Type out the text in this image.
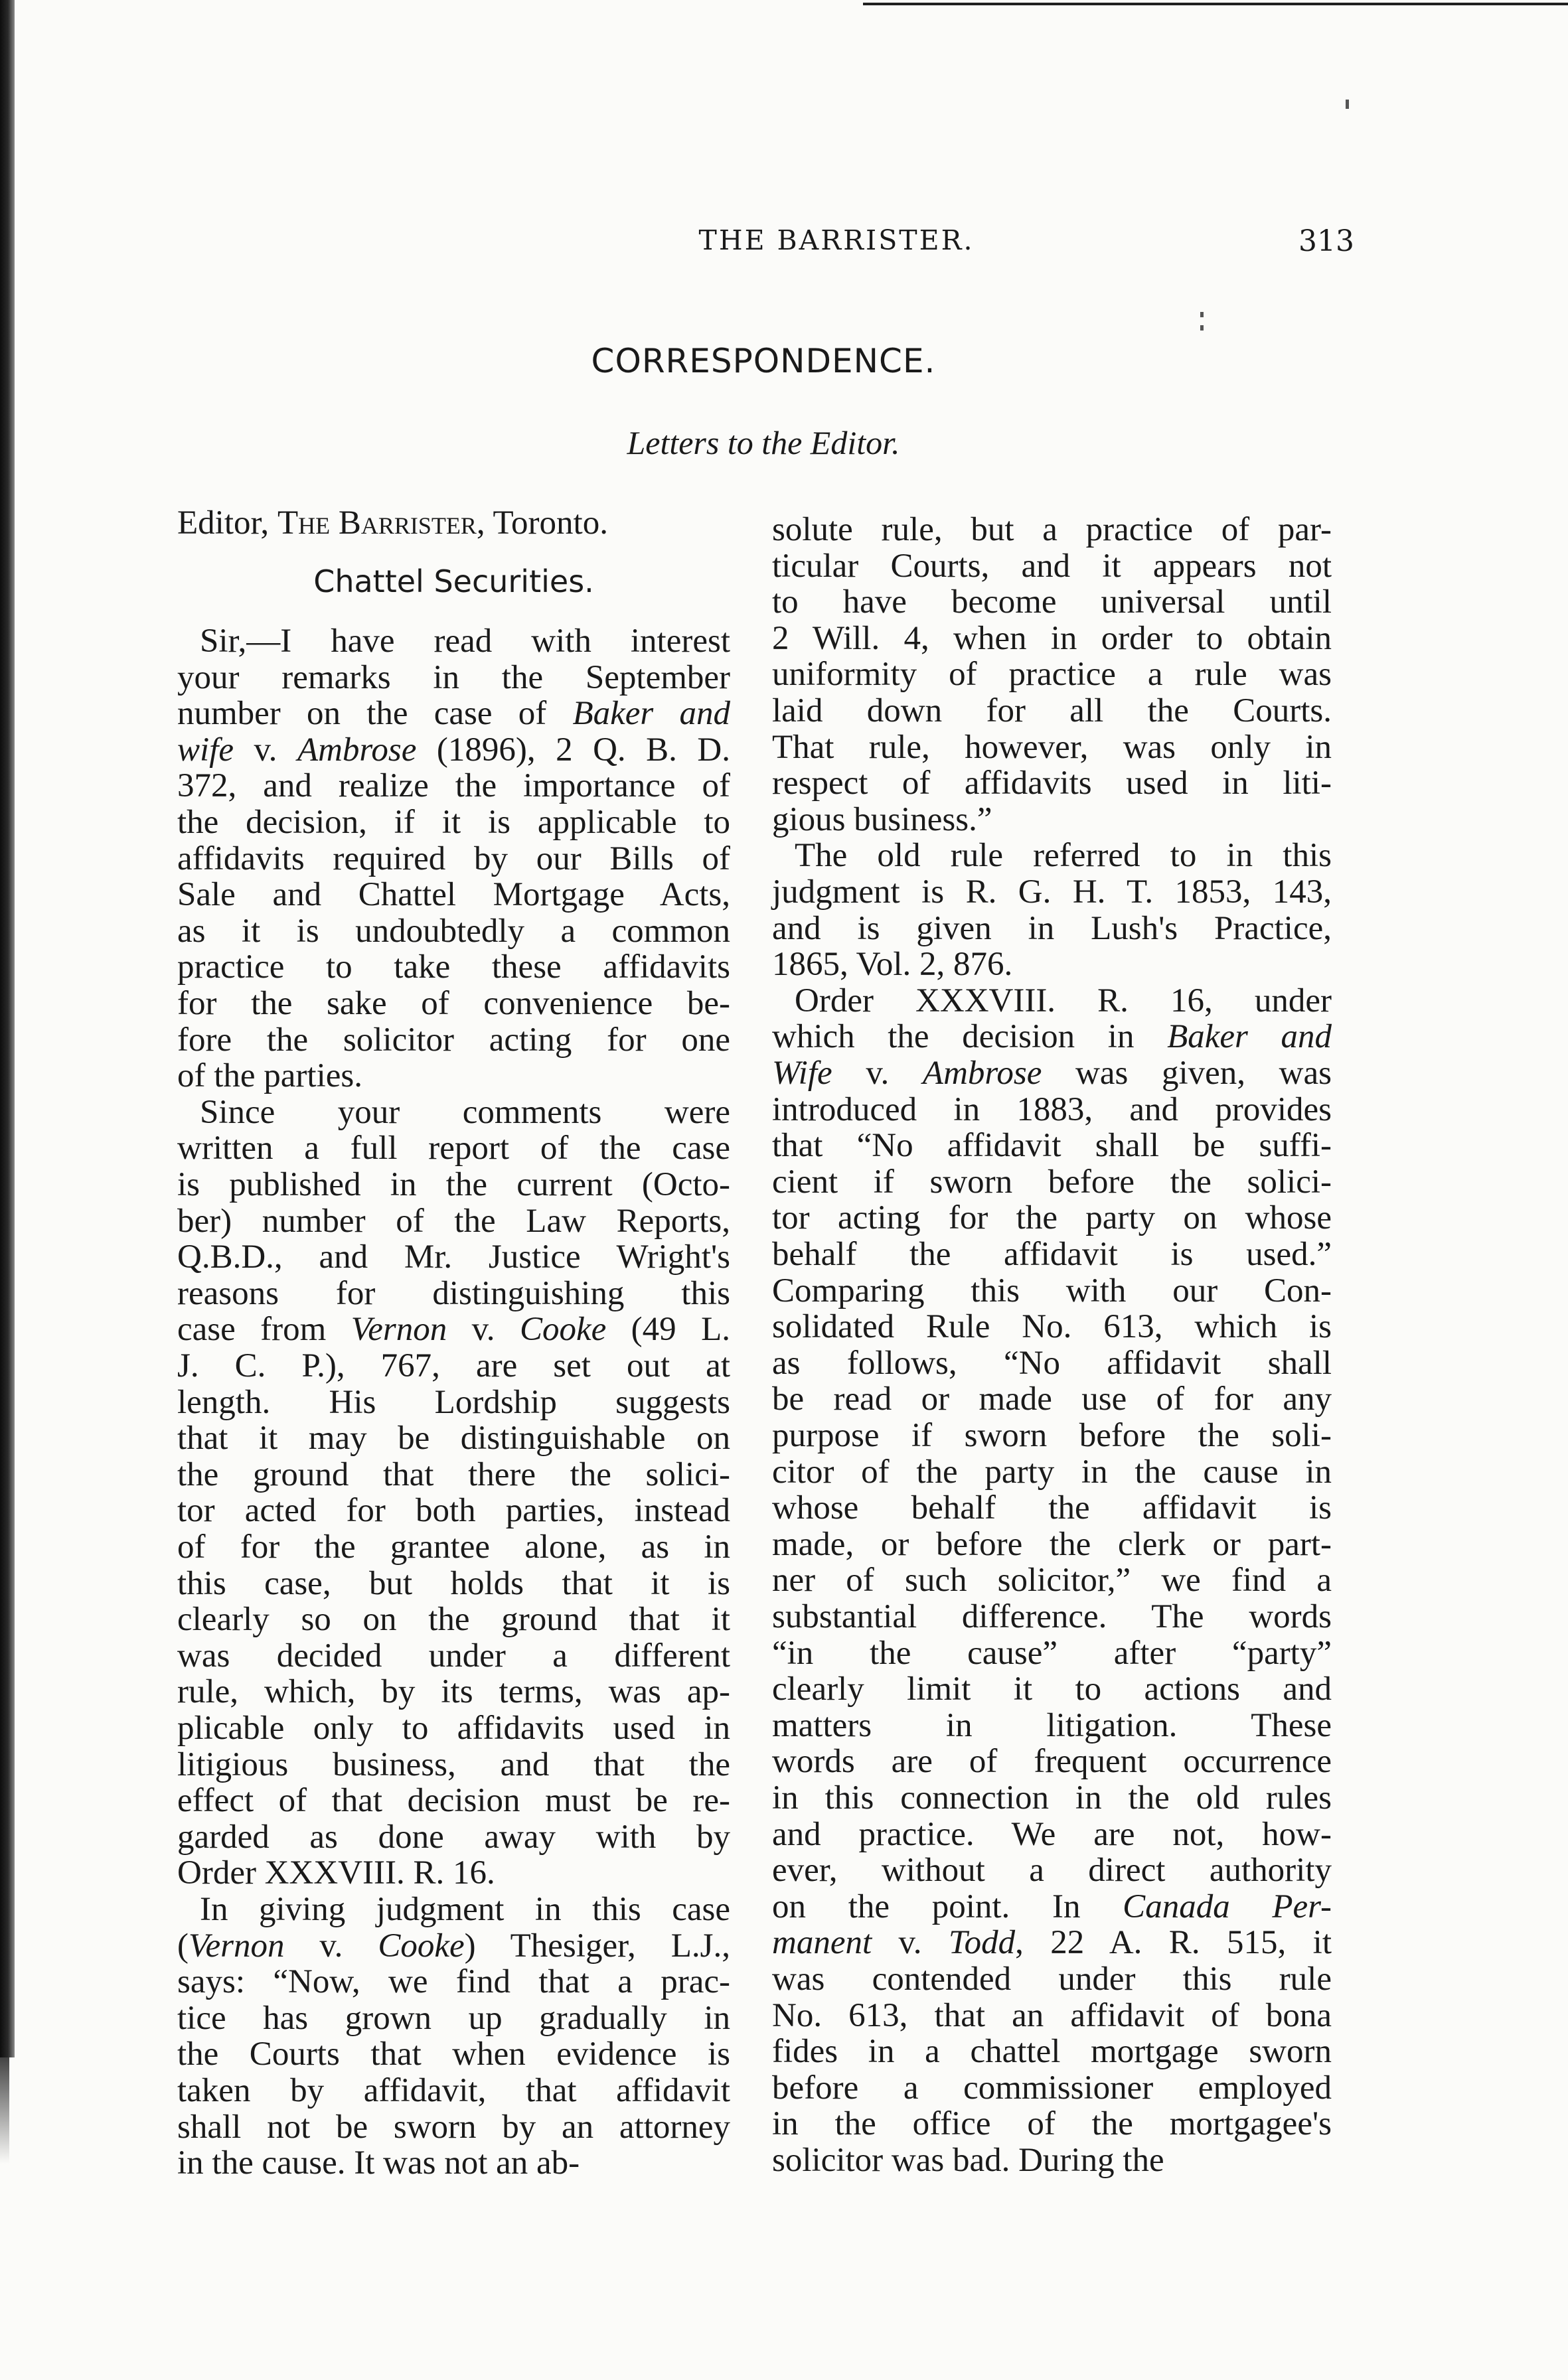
THE BARRISTER.	313
CORRESPONDENCE.
Letters to the Editor.
Editor, The Barrister, Toronto.
Chattel Securities.
Sir,—I have read with interest
your remarks in the September
number on the case of Baker and
wife v. Ambrose (1896), 2 Q. B. D.
372, and realize the importance of
the decision, if it is applicable to
affidavits required by our Bills of
Sale and Chattel Mortgage Acts,
as it is undoubtedly a common
practice to take these affidavits
for the sake of convenience be-
fore the solicitor acting for one
of the parties.
Since your comments were
written a full report of the case
is published in the current (Octo-
ber) number of the Law Reports,
Q.B.D., and Mr. Justice Wright's
reasons for distinguishing this
case from Vernon v. Cooke (49 L.
J. C. P.), 767, are set out at
length. His Lordship suggests
that it may be distinguishable on
the ground that there the solici-
tor acted for both parties, instead
of for the grantee alone, as in
this case, but holds that it is
clearly so on the ground that it
was decided under a different
rule, which, by its terms, was ap-
plicable only to affidavits used in
litigious business, and that the
effect of that decision must be re-
garded as done away with by
Order XXXVIII. R. 16.
In giving judgment in this case
(Vernon v. Cooke) Thesiger, L.J.,
says: “Now, we find that a prac-
tice has grown up gradually in
the Courts that when evidence is
taken by affidavit, that affidavit
shall not be sworn by an attorney
in the cause. It was not an ab-
solute rule, but a practice of par-
ticular Courts, and it appears not
to have become universal until
2 Will. 4, when in order to obtain
uniformity of practice a rule was
laid down for all the Courts.
That rule, however, was only in
respect of affidavits used in liti-
gious business.”
The old rule referred to in this
judgment is R. G. H. T. 1853, 143,
and is given in Lush's Practice,
1865, Vol. 2, 876.
Order XXXVIII. R. 16, under
which the decision in Baker and
Wife v. Ambrose was given, was
introduced in 1883, and provides
that “No affidavit shall be suffi-
cient if sworn before the solici-
tor acting for the party on whose
behalf the affidavit is used.”
Comparing this with our Con-
solidated Rule No. 613, which is
as follows, “No affidavit shall
be read or made use of for any
purpose if sworn before the soli-
citor of the party in the cause in
whose behalf the affidavit is
made, or before the clerk or part-
ner of such solicitor,” we find a
substantial difference. The words
“in the cause” after “party”
clearly limit it to actions and
matters in litigation. These
words are of frequent occurrence
in this connection in the old rules
and practice. We are not, how-
ever, without a direct authority
on the point. In Canada Per-
manent v. Todd, 22 A. R. 515, it
was contended under this rule
No. 613, that an affidavit of bona
fides in a chattel mortgage sworn
before a commissioner employed
in the office of the mortgagee's
solicitor was bad. During the
